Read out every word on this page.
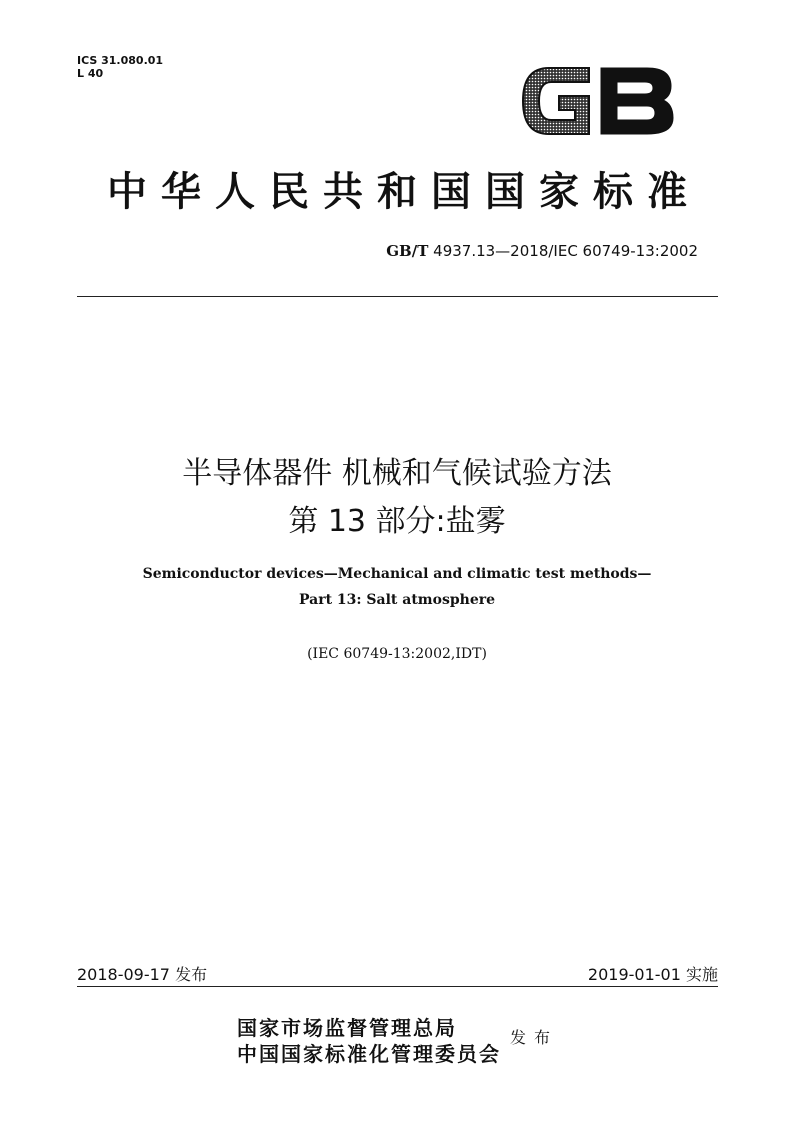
ICS 31.080.01
L 40
中华人民共和国国家标准
GB/T 4937.13—2018/IEC 60749-13:2002
半导体器件 机械和气候试验方法
第 13 部分:盐雾
Semiconductor devices—Mechanical and climatic test methods—
Part 13: Salt atmosphere
(IEC 60749-13:2002,IDT)
2018-09-17 发布	2019-01-01 实施
国家市场监督管理总局
中国国家标准化管理委员会
发布
